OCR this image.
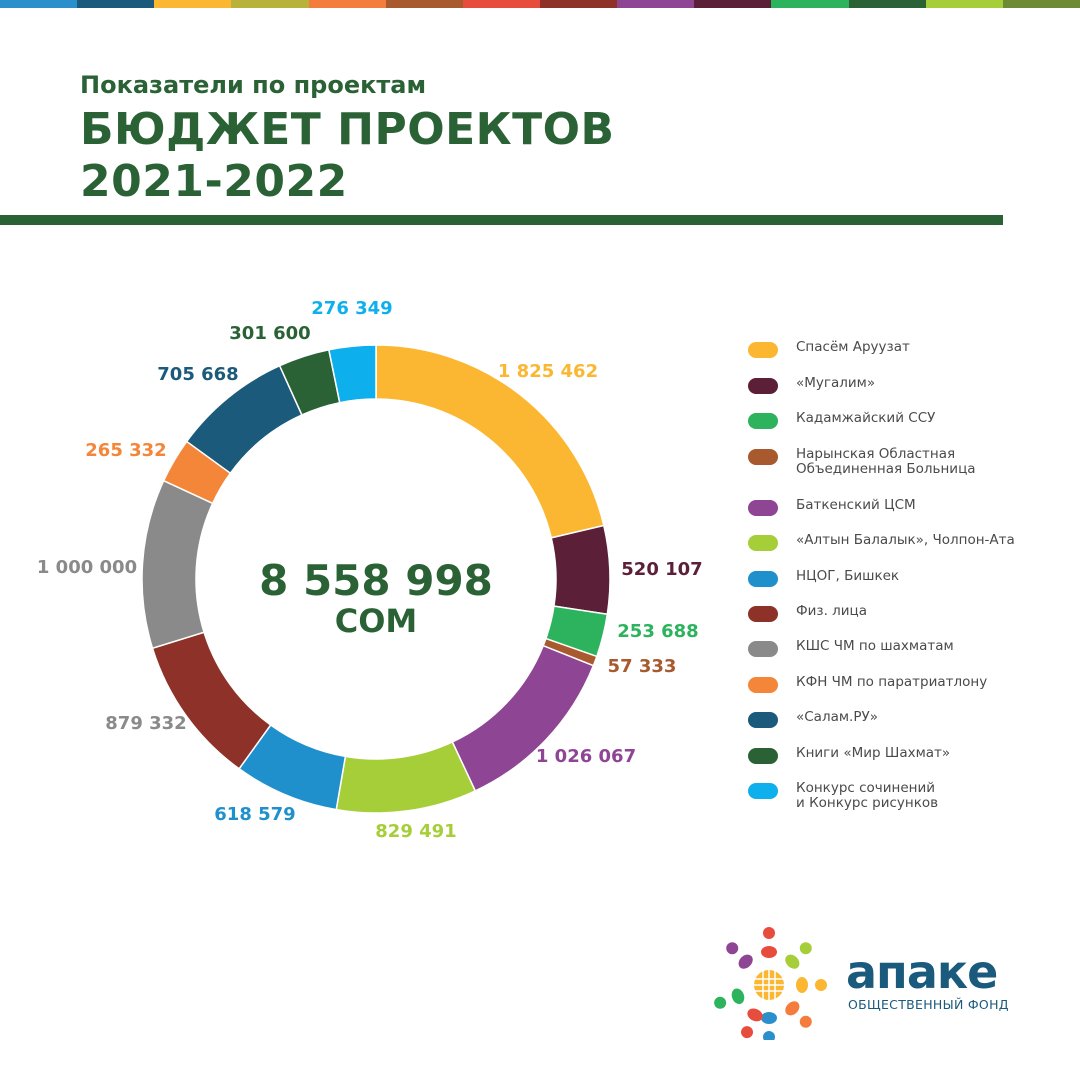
Показатели по проектам
БЮДЖЕТ ПРОЕКТОВ
2021-2022
1 825 462
520 107
253 688
57 333
1 026 067
829 491
618 579
879 332
1 000 000
265 332
705 668
301 600
276 349
8 558 998
СОМ
Спасём Аруузат
«Мугалим»
Кадамжайский ССУ
Нарынская Областная
Объединенная Больница
Баткенский ЦСМ
«Алтын Балалык», Чолпон-Ата
НЦОГ, Бишкек
Физ. лица
КШС ЧМ по шахматам
КФН ЧМ по паратриатлону
«Салам.РУ»
Книги «Мир Шахмат»
Конкурс сочинений
и Конкурс рисунков
апаке
ОБЩЕСТВЕННЫЙ ФОНД
